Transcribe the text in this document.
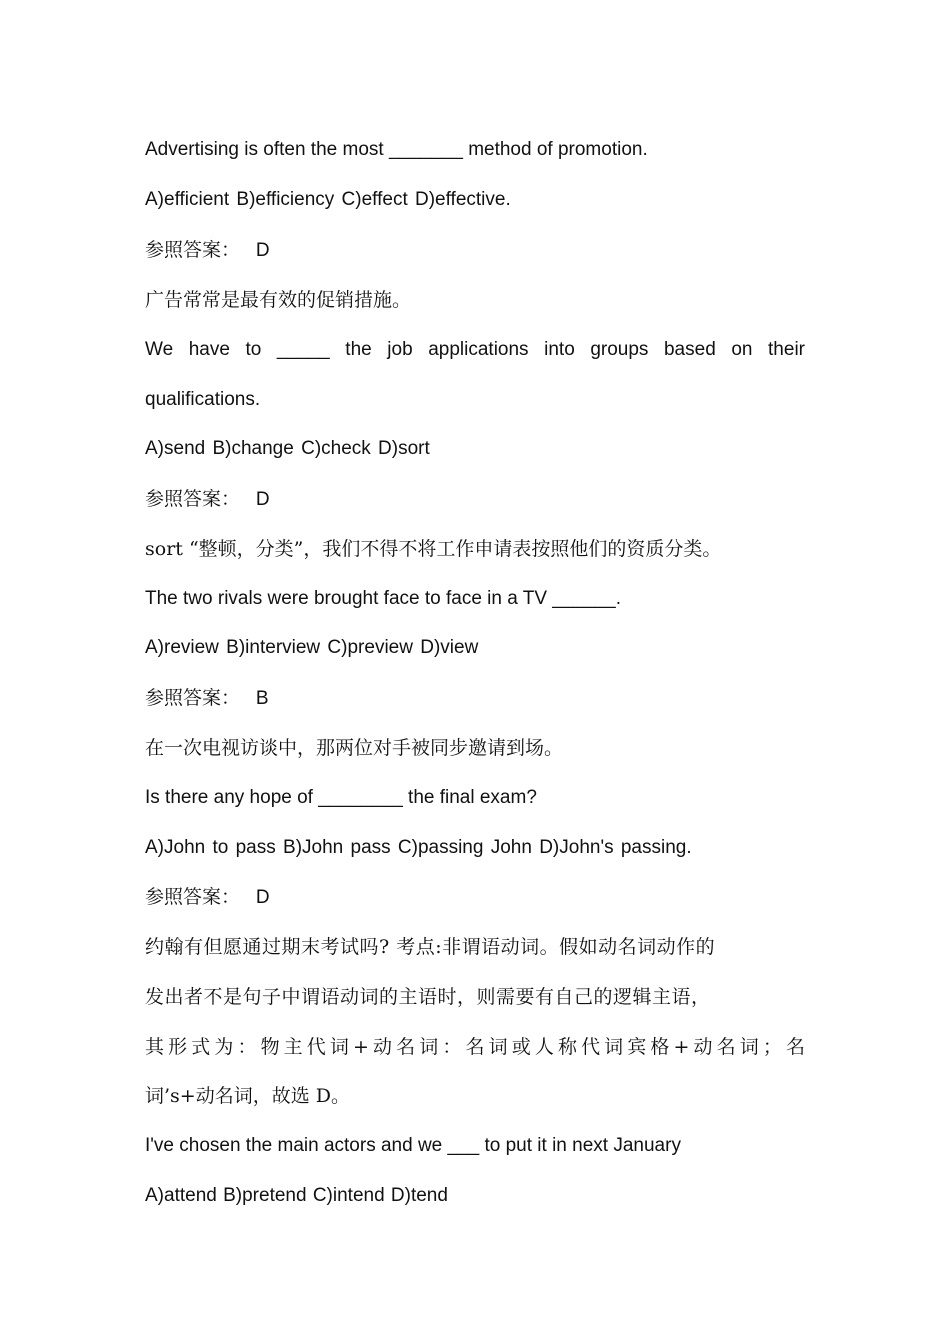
Advertising is often the most _______ method of promotion.
A)efficient B)efficiency C)effect D)effective.
参照答案： D
广告常常是最有效的促销措施。
We have to _____ the job applications into groups based on their
qualifications.
A)send B)change C)check D)sort
参照答案： D
sort “整顿，分类”，我们不得不将工作申请表按照他们的资质分类。
The two rivals were brought face to face in a TV ______.
A)review B)interview C)preview D)view
参照答案： B
在一次电视访谈中，那两位对手被同步邀请到场。
Is there any hope of ________ the final exam?
A)John to pass B)John pass C)passing John D)John's passing.
参照答案： D
约翰有但愿通过期末考试吗? 考点:非谓语动词。假如动名词动作的
发出者不是句子中谓语动词的主语时，则需要有自己的逻辑主语，
其形式为：物主代词+动名词：名词或人称代词宾格+动名词；名
词’s+动名词，故选 D。
I've chosen the main actors and we ___ to put it in next January
A)attend B)pretend C)intend D)tend
